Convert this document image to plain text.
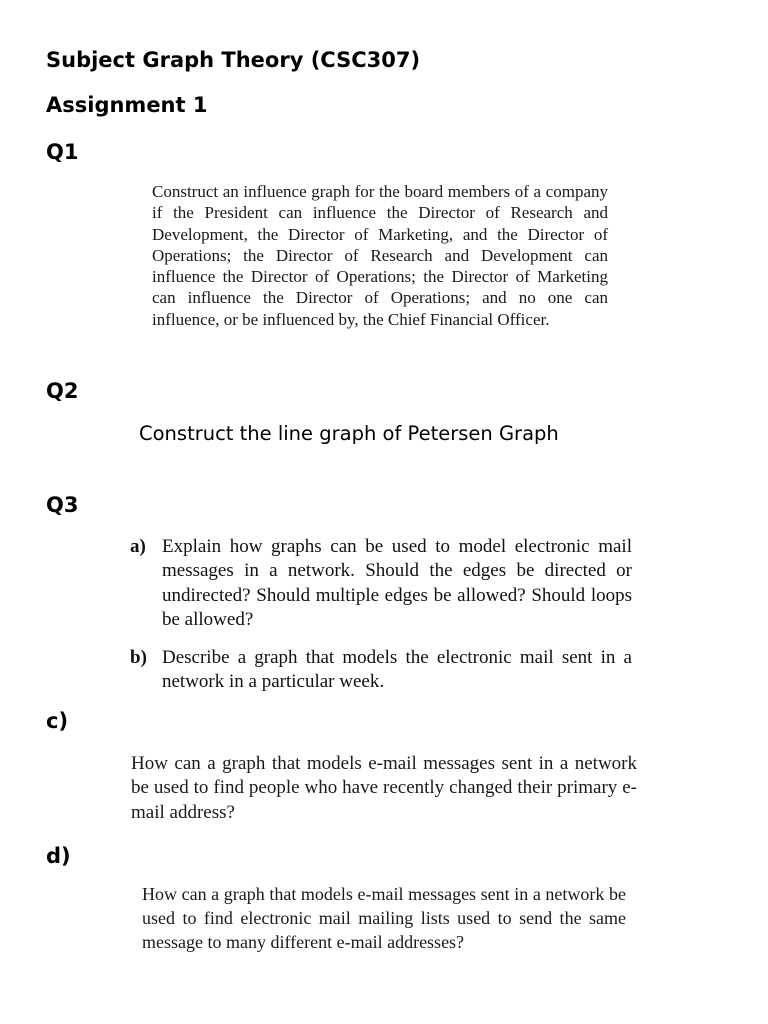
Subject Graph Theory (CSC307)
Assignment 1
Q1

Construct an influence graph for the board members of a company if the President can influence the Director of Research and Development, the Director of Marketing, and the Director of Operations; the Director of Research and Development can influence the Director of Operations; the Director of Marketing can influence the Director of Operations; and no one can influence, or be influenced by, the Chief Financial Officer.

Q2

Construct the line graph of Petersen Graph

Q3
a) Explain how graphs can be used to model electronic mail messages in a network. Should the edges be directed or undirected? Should multiple edges be allowed? Should loops be allowed?

b) Describe a graph that models the electronic mail sent in a network in a particular week.

c)

How can a graph that models e-mail messages sent in a network be used to find people who have recently changed their primary e-mail address?

d)

How can a graph that models e-mail messages sent in a network be used to find electronic mail mailing lists used to send the same message to many different e-mail addresses?
